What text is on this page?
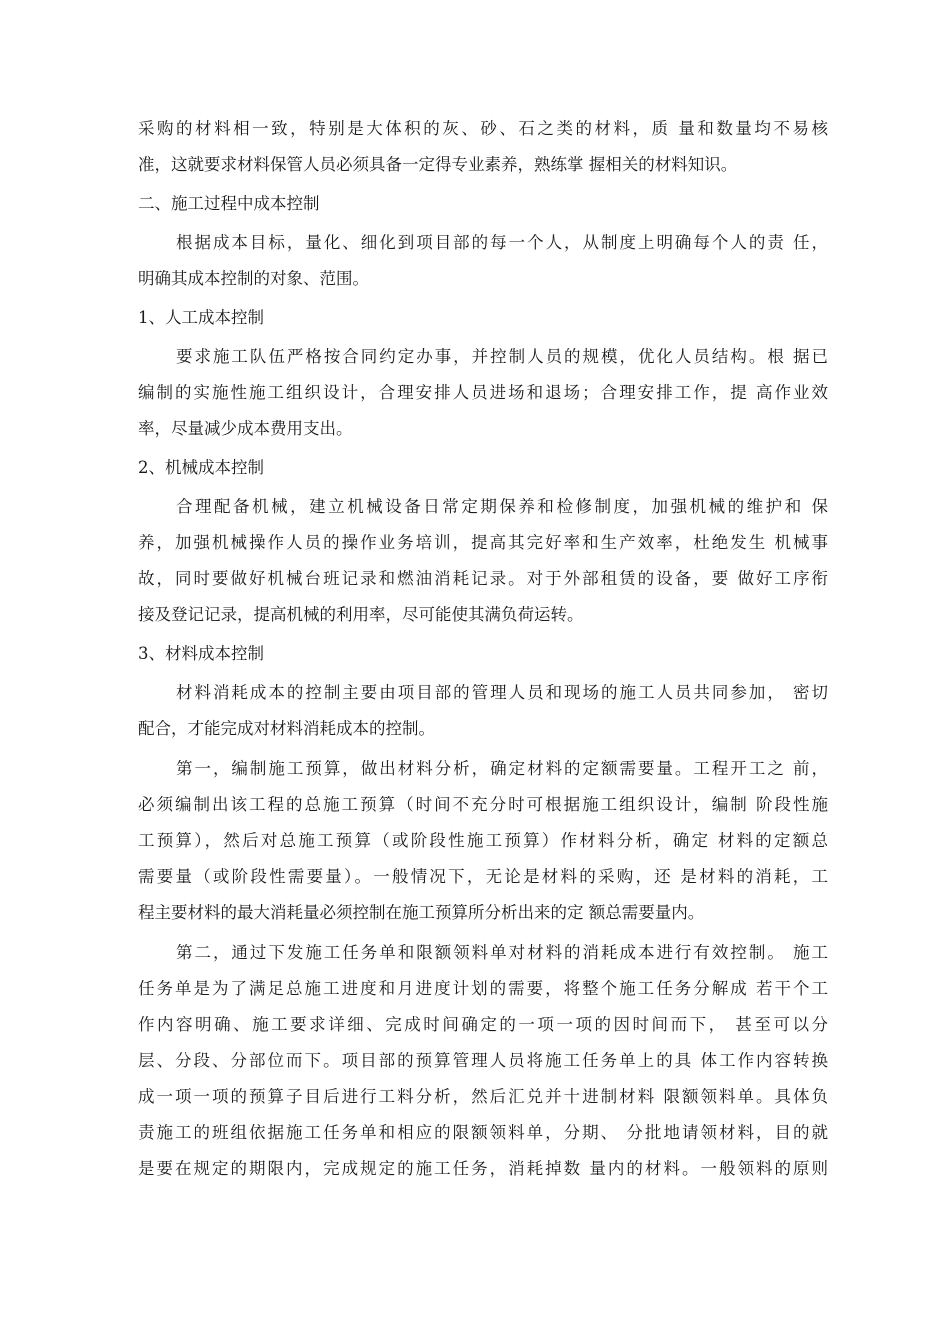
采购的材料相一致，特别是大体积的灰、砂、石之类的材料，质 量和数量均不易核
准，这就要求材料保管人员必须具备一定得专业素养，熟练掌 握相关的材料知识。
二、施工过程中成本控制
根据成本目标，量化、细化到项目部的每一个人，从制度上明确每个人的责 任，
明确其成本控制的对象、范围。
1、人工成本控制
要求施工队伍严格按合同约定办事，并控制人员的规模，优化人员结构。根 据已
编制的实施性施工组织设计，合理安排人员进场和退场；合理安排工作，提 高作业效
率，尽量减少成本费用支出。
2、机械成本控制
合理配备机械，建立机械设备日常定期保养和检修制度，加强机械的维护和 保
养，加强机械操作人员的操作业务培训，提高其完好率和生产效率，杜绝发生 机械事
故，同时要做好机械台班记录和燃油消耗记录。对于外部租赁的设备，要 做好工序衔
接及登记记录，提高机械的利用率，尽可能使其满负荷运转。
3、材料成本控制
材料消耗成本的控制主要由项目部的管理人员和现场的施工人员共同参加， 密切
配合，才能完成对材料消耗成本的控制。
第一，编制施工预算，做出材料分析，确定材料的定额需要量。工程开工之 前，
必须编制出该工程的总施工预算（时间不充分时可根据施工组织设计，编制 阶段性施
工预算），然后对总施工预算（或阶段性施工预算）作材料分析，确定 材料的定额总
需要量（或阶段性需要量）。一般情况下，无论是材料的采购，还 是材料的消耗，工
程主要材料的最大消耗量必须控制在施工预算所分析出来的定 额总需要量内。
第二，通过下发施工任务单和限额领料单对材料的消耗成本进行有效控制。 施工
任务单是为了满足总施工进度和月进度计划的需要，将整个施工任务分解成 若干个工
作内容明确、施工要求详细、完成时间确定的一项一项的因时间而下， 甚至可以分
层、分段、分部位而下。项目部的预算管理人员将施工任务单上的具 体工作内容转换
成一项一项的预算子目后进行工料分析，然后汇兑并十进制材料 限额领料单。具体负
责施工的班组依据施工任务单和相应的限额领料单，分期、 分批地请领材料，目的就
是要在规定的期限内，完成规定的施工任务，消耗掉数 量内的材料。一般领料的原则
